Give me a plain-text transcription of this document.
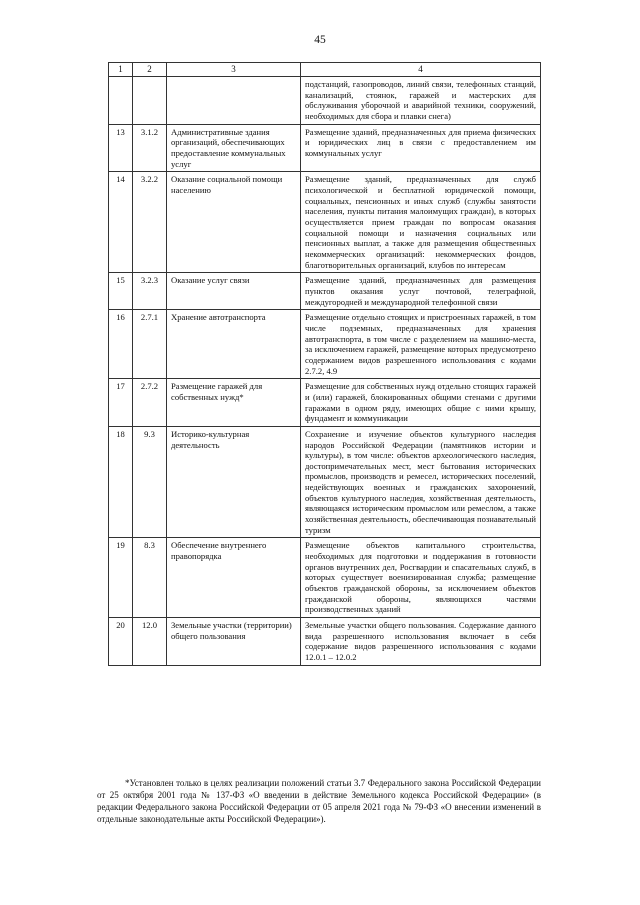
45
1	2	3	4
			подстанций, газопроводов, линий связи, телефонных станций, канализаций, стоянок, гаражей и мастерских для обслуживания уборочной и аварийной техники, сооружений, необходимых для сбора и плавки снега)
13	3.1.2	Административные здания организаций, обеспечивающих предоставление коммунальных услуг	Размещение зданий, предназначенных для приема физических и юридических лиц в связи с предоставлением им коммунальных услуг
14	3.2.2	Оказание социальной помощи населению	Размещение зданий, предназначенных для служб психологической и бесплатной юридической помощи, социальных, пенсионных и иных служб (службы занятости населения, пункты питания малоимущих граждан), в которых осуществляется прием граждан по вопросам оказания социальной помощи и назначения социальных или пенсионных выплат, а также для размещения общественных некоммерческих организаций: некоммерческих фондов, благотворительных организаций, клубов по интересам
15	3.2.3	Оказание услуг связи	Размещение зданий, предназначенных для размещения пунктов оказания услуг почтовой, телеграфной, междугородней и международной телефонной связи
16	2.7.1	Хранение автотранспорта	Размещение отдельно стоящих и пристроенных гаражей, в том числе подземных, предназначенных для хранения автотранспорта, в том числе с разделением на машино-места, за исключением гаражей, размещение которых предусмотрено содержанием видов разрешенного использования с кодами 2.7.2, 4.9
17	2.7.2	Размещение гаражей для собственных нужд*	Размещение для собственных нужд отдельно стоящих гаражей и (или) гаражей, блокированных общими стенами с другими гаражами в одном ряду, имеющих общие с ними крышу, фундамент и коммуникации
18	9.3	Историко-культурная деятельность	Сохранение и изучение объектов культурного наследия народов Российской Федерации (памятников истории и культуры), в том числе: объектов археологического наследия, достопримечательных мест, мест бытования исторических промыслов, производств и ремесел, исторических поселений, недействующих военных и гражданских захоронений, объектов культурного наследия, хозяйственная деятельность, являющаяся историческим промыслом или ремеслом, а также хозяйственная деятельность, обеспечивающая познавательный туризм
19	8.3	Обеспечение внутреннего правопорядка	Размещение объектов капитального строительства, необходимых для подготовки и поддержания в готовности органов внутренних дел, Росгвардии и спасательных служб, в которых существует военизированная служба; размещение объектов гражданской обороны, за исключением объектов гражданской обороны, являющихся частями производственных зданий
20	12.0	Земельные участки (территории) общего пользования	Земельные участки общего пользования. Содержание данного вида разрешенного использования включает в себя содержание видов разрешенного использования с кодами 12.0.1 – 12.0.2
*Установлен только в целях реализации положений статьи 3.7 Федерального закона Российской Федерации от 25 октября 2001 года № 137-ФЗ «О введении в действие Земельного кодекса Российской Федерации» (в редакции Федерального закона Российской Федерации от 05 апреля 2021 года № 79-ФЗ «О внесении изменений в отдельные законодательные акты Российской Федерации»).
